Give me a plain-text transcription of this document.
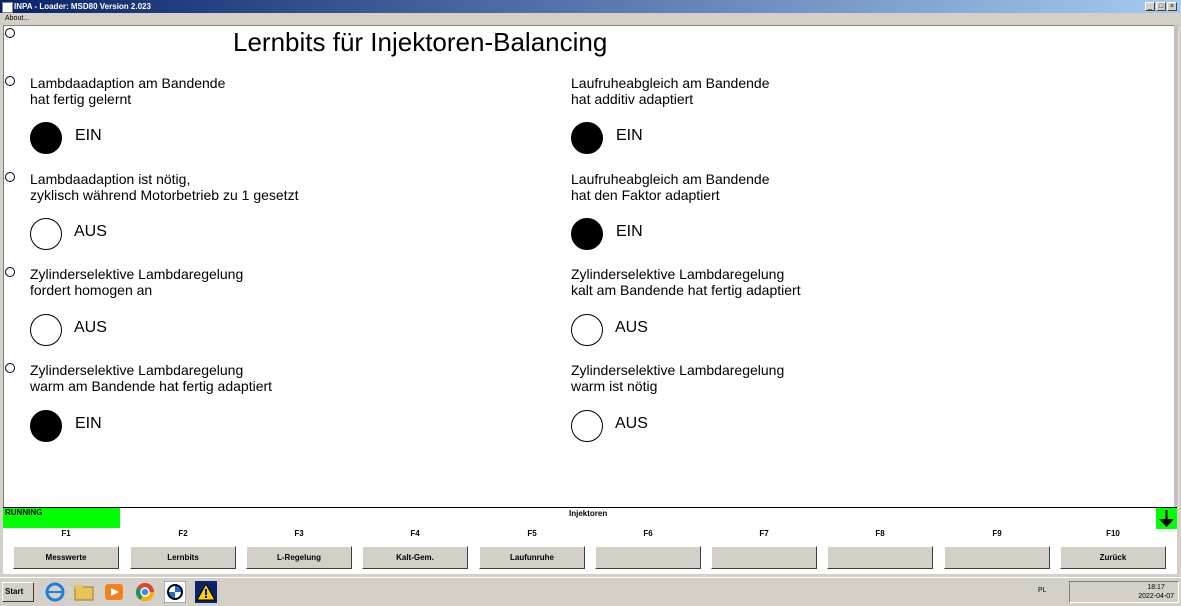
INPA - Loader: MSD80 Version 2.023	_ □ ×
About...
Lernbits für Injektoren-Balancing
Lambdaadaption am Bandende
hat fertig gelernt
EIN
Laufruheabgleich am Bandende
hat additiv adaptiert
EIN
Lambdaadaption ist nötig,
zyklisch während Motorbetrieb zu 1 gesetzt
AUS
Laufruheabgleich am Bandende
hat den Faktor adaptiert
EIN
Zylinderselektive Lambdaregelung
fordert homogen an
AUS
Zylinderselektive Lambdaregelung
kalt am Bandende hat fertig adaptiert
AUS
Zylinderselektive Lambdaregelung
warm am Bandende hat fertig adaptiert
EIN
Zylinderselektive Lambdaregelung
warm ist nötig
AUS
RUNNING	Injektoren
F1	F2	F3	F4	F5	F6	F7	F8	F9	F10
Messwerte	Lernbits	L-Regelung	Kalt-Gem.	Laufunruhe	Zurück
Start	PL	18:17
2022-04-07
